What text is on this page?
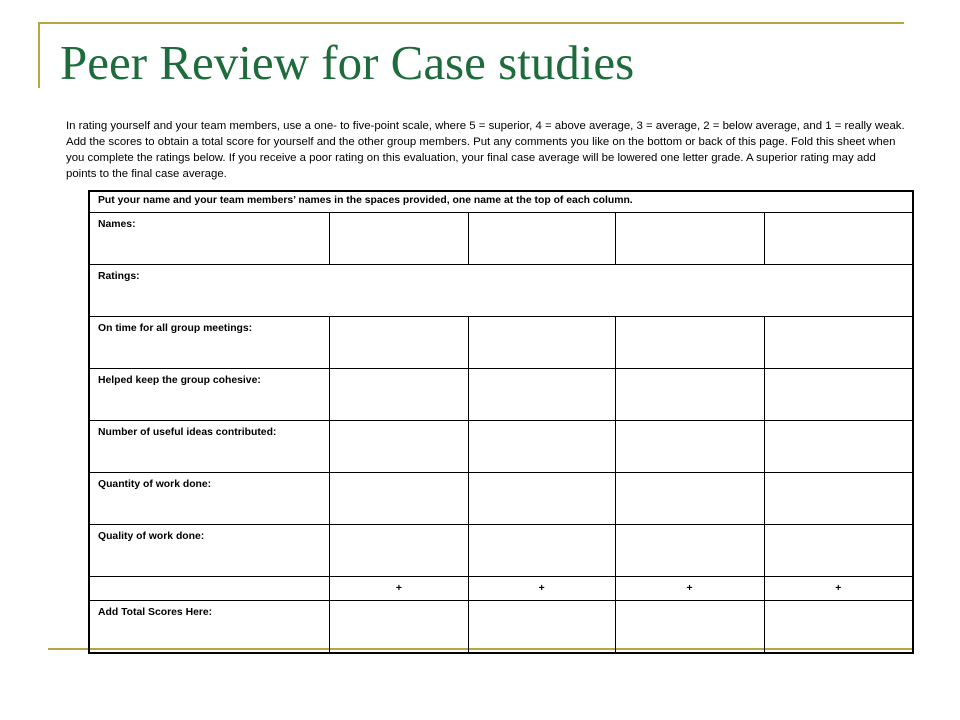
Peer Review for Case studies

In rating yourself and your team members, use a one- to five-point scale, where 5 = superior, 4 = above average, 3 = average, 2 = below average, and 1 = really weak. Add the scores to obtain a total score for yourself and the other group members. Put any comments you like on the bottom or back of this page. Fold this sheet when you complete the ratings below. If you receive a poor rating on this evaluation, your final case average will be lowered one letter grade. A superior rating may add points to the final case average.

Put your name and your team members’ names in the spaces provided, one name at the top of each column.				
Names:				
Ratings:				
On time for all group meetings:				
Helped keep the group cohesive:				
Number of useful ideas contributed:				
Quantity of work done:				
Quality of work done:				
	+	+	+	+
Add Total Scores Here:				
